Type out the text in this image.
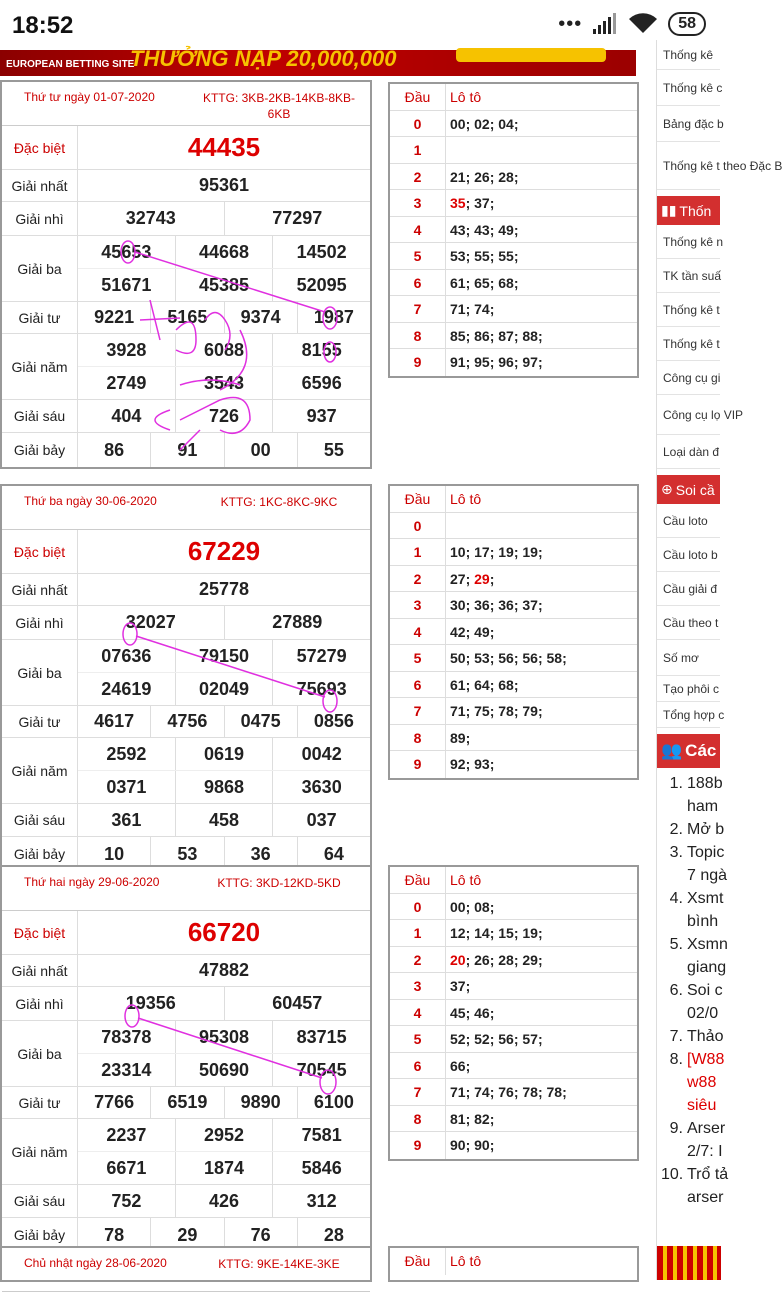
18:52	•••	58
EUROPEAN BETTING SITE
THƯỞNG NẠP 20,000,000
Thứ tư ngày 01-07-2020	KTTG: 3KB-2KB-14KB-8KB-6KB
Đặc biệt	44435
Giải nhất	95361
Giải nhì	32743	77297
Giải ba
45653	44668	14502
51671	45385	52095
Giải tư	9221	5165	9374	1987
Giải năm
3928	6088	8155
2749	3543	6596
Giải sáu	404	726	937
Giải bảy	86	91	00	55
Đầu	Lô tô
0	00; 02; 04;
1
2	21; 26; 28;
3	35; 37;
4	43; 43; 49;
5	53; 55; 55;
6	61; 65; 68;
7	71; 74;
8	85; 86; 87; 88;
9	91; 95; 96; 97;
Thứ ba ngày 30-06-2020	KTTG: 1KC-8KC-9KC
Đặc biệt	67229
Giải nhất	25778
Giải nhì	32027	27889
Giải ba
07636	79150	57279
24619	02049	75693
Giải tư	4617	4756	0475	0856
Giải năm
2592	0619	0042
0371	9868	3630
Giải sáu	361	458	037
Giải bảy	10	53	36	64
Đầu	Lô tô
0
1	10; 17; 19; 19;
2	27; 29;
3	30; 36; 36; 37;
4	42; 49;
5	50; 53; 56; 56; 58;
6	61; 64; 68;
7	71; 75; 78; 79;
8	89;
9	92; 93;
Thứ hai ngày 29-06-2020	KTTG: 3KD-12KD-5KD
Đặc biệt	66720
Giải nhất	47882
Giải nhì	19356	60457
Giải ba
78378	95308	83715
23314	50690	70545
Giải tư	7766	6519	9890	6100
Giải năm
2237	2952	7581
6671	1874	5846
Giải sáu	752	426	312
Giải bảy	78	29	76	28
Đầu	Lô tô
0	00; 08;
1	12; 14; 15; 19;
2	20; 26; 28; 29;
3	37;
4	45; 46;
5	52; 52; 56; 57;
6	66;
7	71; 74; 76; 78; 78;
8	81; 82;
9	90; 90;
Chủ nhật ngày 28-06-2020	KTTG: 9KE-14KE-3KE	Đầu	Lô tô
Thống kê
Thống kê c
Bảng đặc b
Thống kê t theo Đặc B
▮▮ Thốn
Thống kê n
TK tần suấ
Thống kê t
Thống kê t
Công cụ gi
Công cụ lọ VIP
Loại dàn đ
⊕ Soi cầ
Cầu loto
Cầu loto b
Cầu giải đ
Cầu theo t
Số mơ
Tạo phôi c
Tổng hợp c
👥 Các diễn đ
1. 188b
ham
2. Mở b
3. Topic
7 ngà
4. Xsmt
bình
5. Xsmn
giang
6. Soi c
02/0
7. Thảo
8. [W88
w88
siêu
9. Arser
2/7: I
10. Trổ tả
arser
